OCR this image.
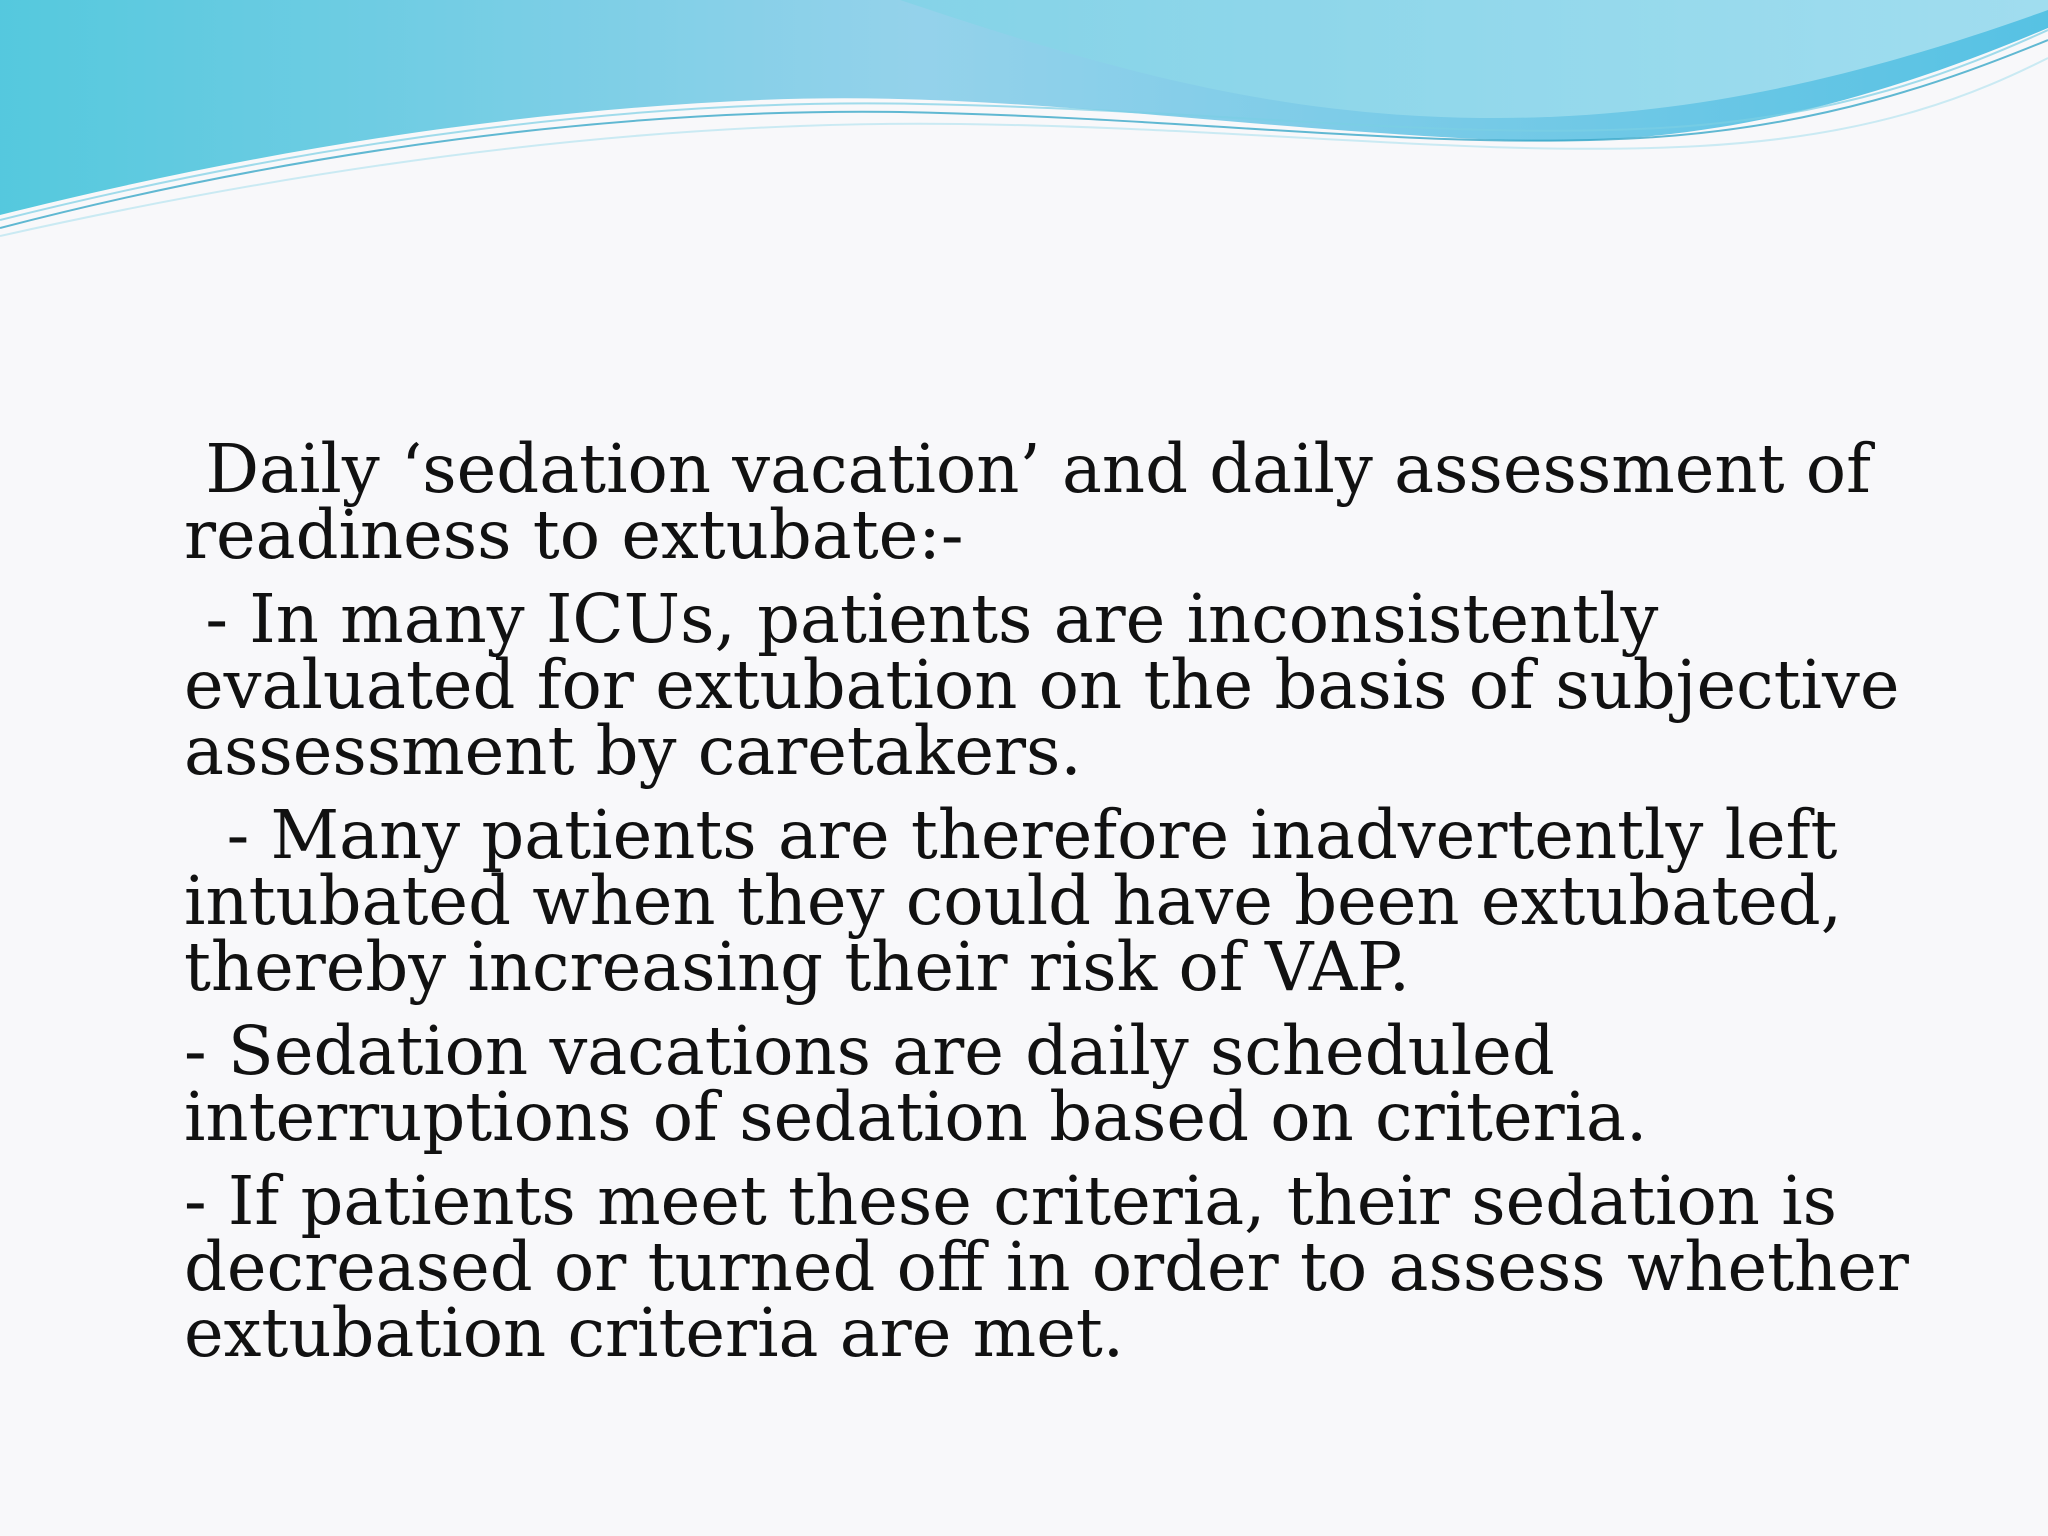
Daily ‘sedation vacation’ and daily assessment of readiness to extubate:-

- In many ICUs, patients are inconsistently evaluated for extubation on the basis of subjective assessment by caretakers.

- Many patients are therefore inadvertently left intubated when they could have been extubated, thereby increasing their risk of VAP.

- Sedation vacations are daily scheduled interruptions of sedation based on criteria.

- If patients meet these criteria, their sedation is decreased or turned off in order to assess whether extubation criteria are met.
